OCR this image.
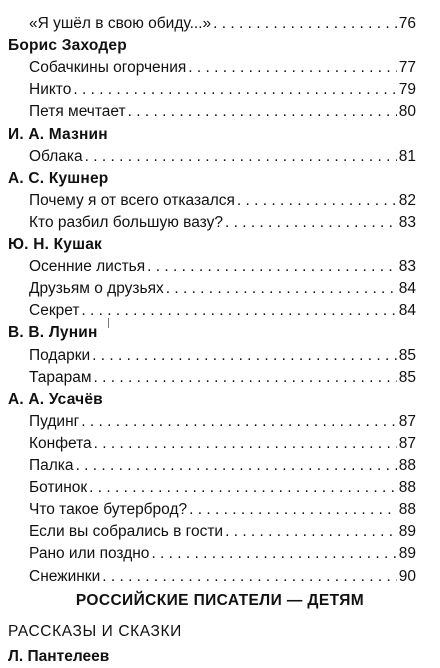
«Я ушёл в свою обиду...» . . .	76
Борис Заходер
Собачкины огорчения . . .	77
Никто . . .	79
Петя мечтает . . .	80
И. А. Мазнин
Облака . . .	81
А. С. Кушнер
Почему я от всего отказался . . .	82
Кто разбил большую вазу? . . .	83
Ю. Н. Кушак
Осенние листья . . .	83
Друзьям о друзьях . . .	84
Секрет . . .	84
В. В. Лунин
Подарки . . .	85
Тарарам . . .	85
А. А. Усачёв
Пудинг . . .	87
Конфета . . .	87
Палка . . .	88
Ботинок . . .	88
Что такое бутерброд? . . .	88
Если вы собрались в гости . . .	89
Рано или поздно . . .	89
Снежинки . . .	90
РОССИЙСКИЕ ПИСАТЕЛИ — ДЕТЯМ
РАССКАЗЫ И СКАЗКИ
Л. Пантелеев
